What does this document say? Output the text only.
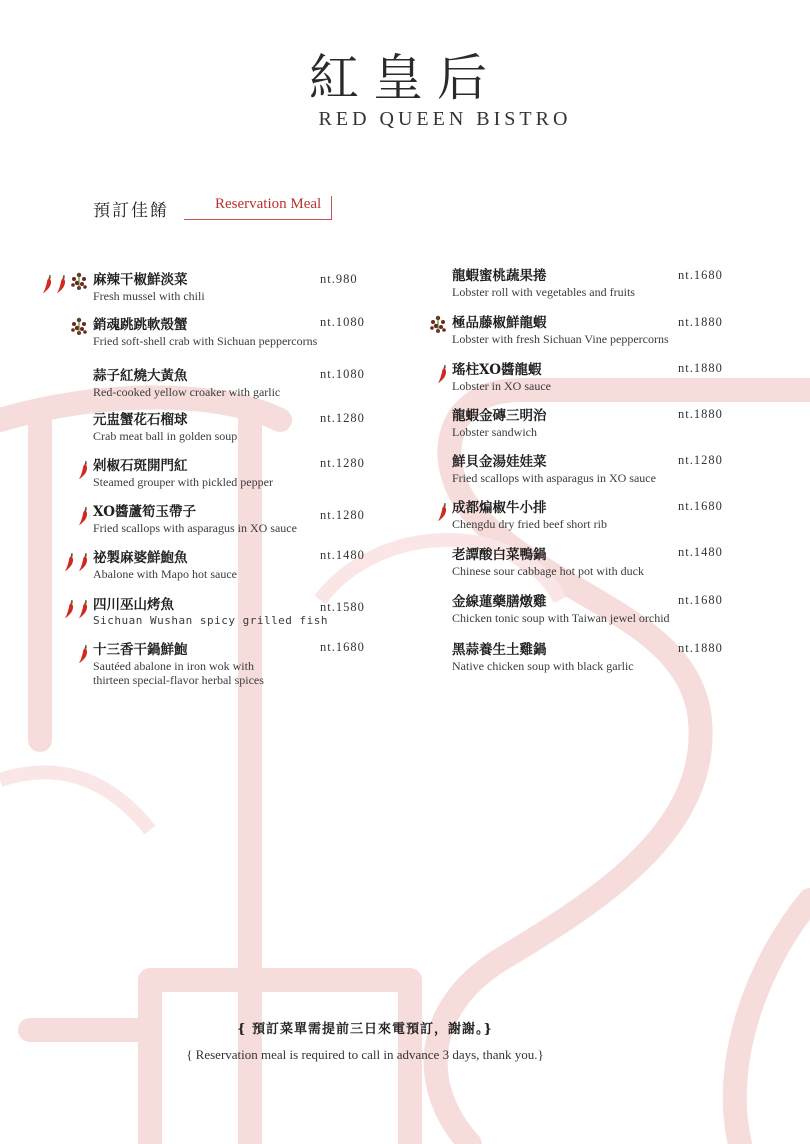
紅皇后
RED QUEEN BISTRO
預訂佳餚	Reservation Meal
麻辣干椒鮮淡菜
Fresh mussel with chili
nt.980
銷魂跳跳軟殼蟹
Fried soft-shell crab with Sichuan peppercorns
nt.1080
蒜子紅燒大黃魚
Red-cooked yellow croaker with garlic
nt.1080
元盅蟹花石榴球
Crab meat ball in golden soup
nt.1280
剁椒石斑開門紅
Steamed grouper with pickled pepper
nt.1280
XO醬蘆筍玉帶子
Fried scallops with asparagus in XO sauce
nt.1280
祕製麻婆鮮鮑魚
Abalone with Mapo hot sauce
nt.1480
四川巫山烤魚
Sichuan Wushan spicy grilled fish
nt.1580
十三香干鍋鮮鮑
Sautéed abalone in iron wok with
thirteen special-flavor herbal spices
nt.1680
龍蝦蜜桃蔬果捲
Lobster roll with vegetables and fruits
nt.1680
極品藤椒鮮龍蝦
Lobster with fresh Sichuan Vine peppercorns
nt.1880
瑤柱XO醬龍蝦
Lobster in XO sauce
nt.1880
龍蝦金磚三明治
Lobster sandwich
nt.1880
鮮貝金湯娃娃菜
Fried scallops with asparagus in XO sauce
nt.1280
成都煸椒牛小排
Chengdu dry fried beef short rib
nt.1680
老譚酸白菜鴨鍋
Chinese sour cabbage hot pot with duck
nt.1480
金線蓮藥膳燉雞
Chicken tonic soup with Taiwan jewel orchid
nt.1680
黑蒜養生土雞鍋
Native chicken soup with black garlic
nt.1880
{ 預訂菜單需提前三日來電預訂，謝謝。}
{ Reservation meal is required to call in advance 3 days, thank you.}
